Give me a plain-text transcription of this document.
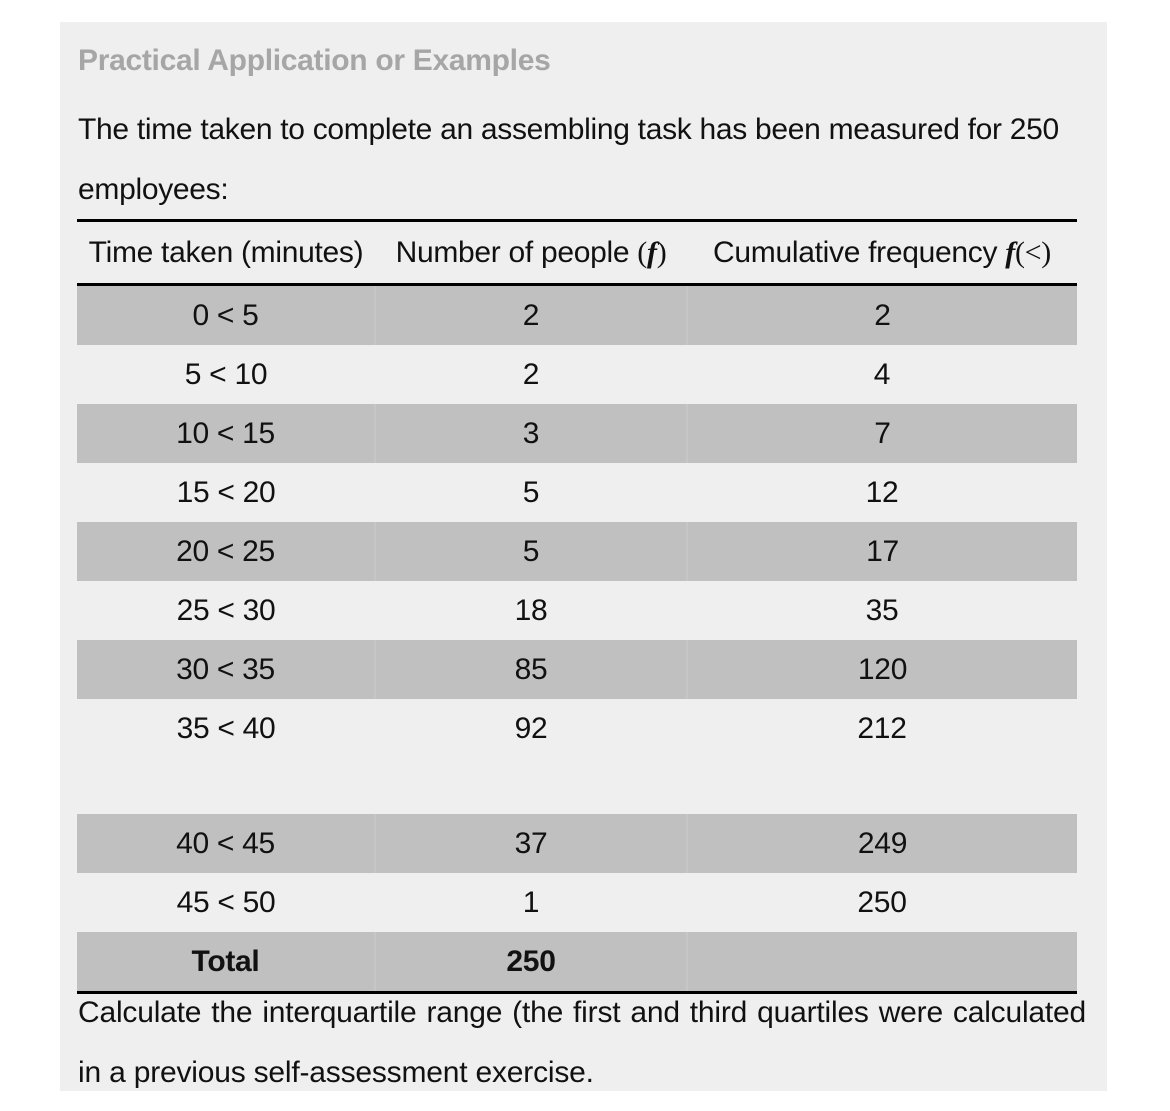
Practical Application or Examples
The time taken to complete an assembling task has been measured for 250 employees:
Time taken (minutes)	Number of people (f)	Cumulative frequency f(<)
0 < 5	2	2
5 < 10	2	4
10 < 15	3	7
15 < 20	5	12
20 < 25	5	17
25 < 30	18	35
30 < 35	85	120
35 < 40	92	212
40 < 45	37	249
45 < 50	1	250
Total	250	
Calculate the interquartile range (the first and third quartiles were calculated in a previous self-assessment exercise.
